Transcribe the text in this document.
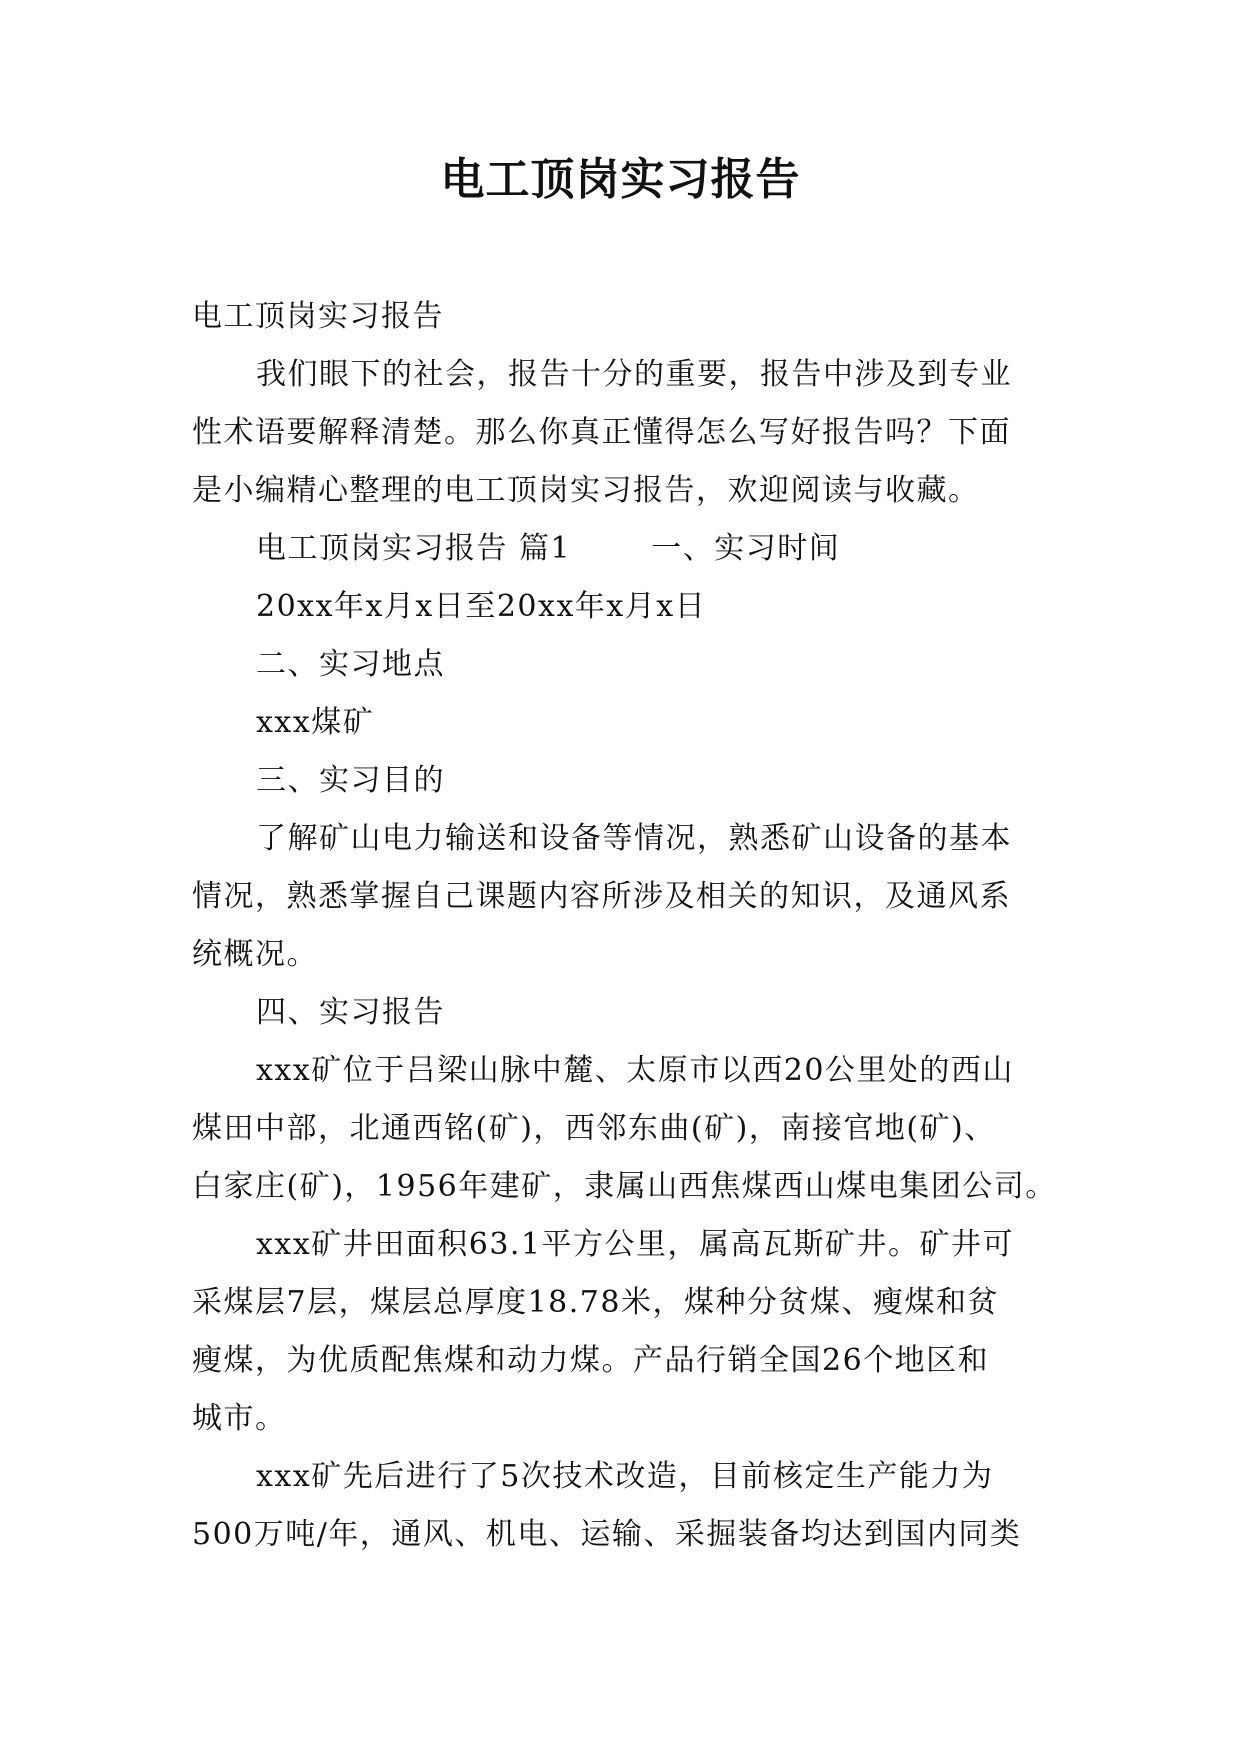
电工顶岗实习报告

电工顶岗实习报告

我们眼下的社会，报告十分的重要，报告中涉及到专业

性术语要解释清楚。那么你真正懂得怎么写好报告吗？下面

是小编精心整理的电工顶岗实习报告，欢迎阅读与收藏。

电工顶岗实习报告 篇1	一、实习时间

20xx年x月x日至20xx年x月x日

二、实习地点

xxx煤矿

三、实习目的

了解矿山电力输送和设备等情况，熟悉矿山设备的基本

情况，熟悉掌握自己课题内容所涉及相关的知识，及通风系

统概况。

四、实习报告

xxx矿位于吕梁山脉中麓、太原市以西20公里处的西山

煤田中部，北通西铭(矿)，西邻东曲(矿)，南接官地(矿)、

白家庄(矿)，1956年建矿，隶属山西焦煤西山煤电集团公司。

xxx矿井田面积63.1平方公里，属高瓦斯矿井。矿井可

采煤层7层，煤层总厚度18.78米，煤种分贫煤、瘦煤和贫

瘦煤，为优质配焦煤和动力煤。产品行销全国26个地区和

城市。

xxx矿先后进行了5次技术改造，目前核定生产能力为

500万吨/年，通风、机电、运输、采掘装备均达到国内同类
